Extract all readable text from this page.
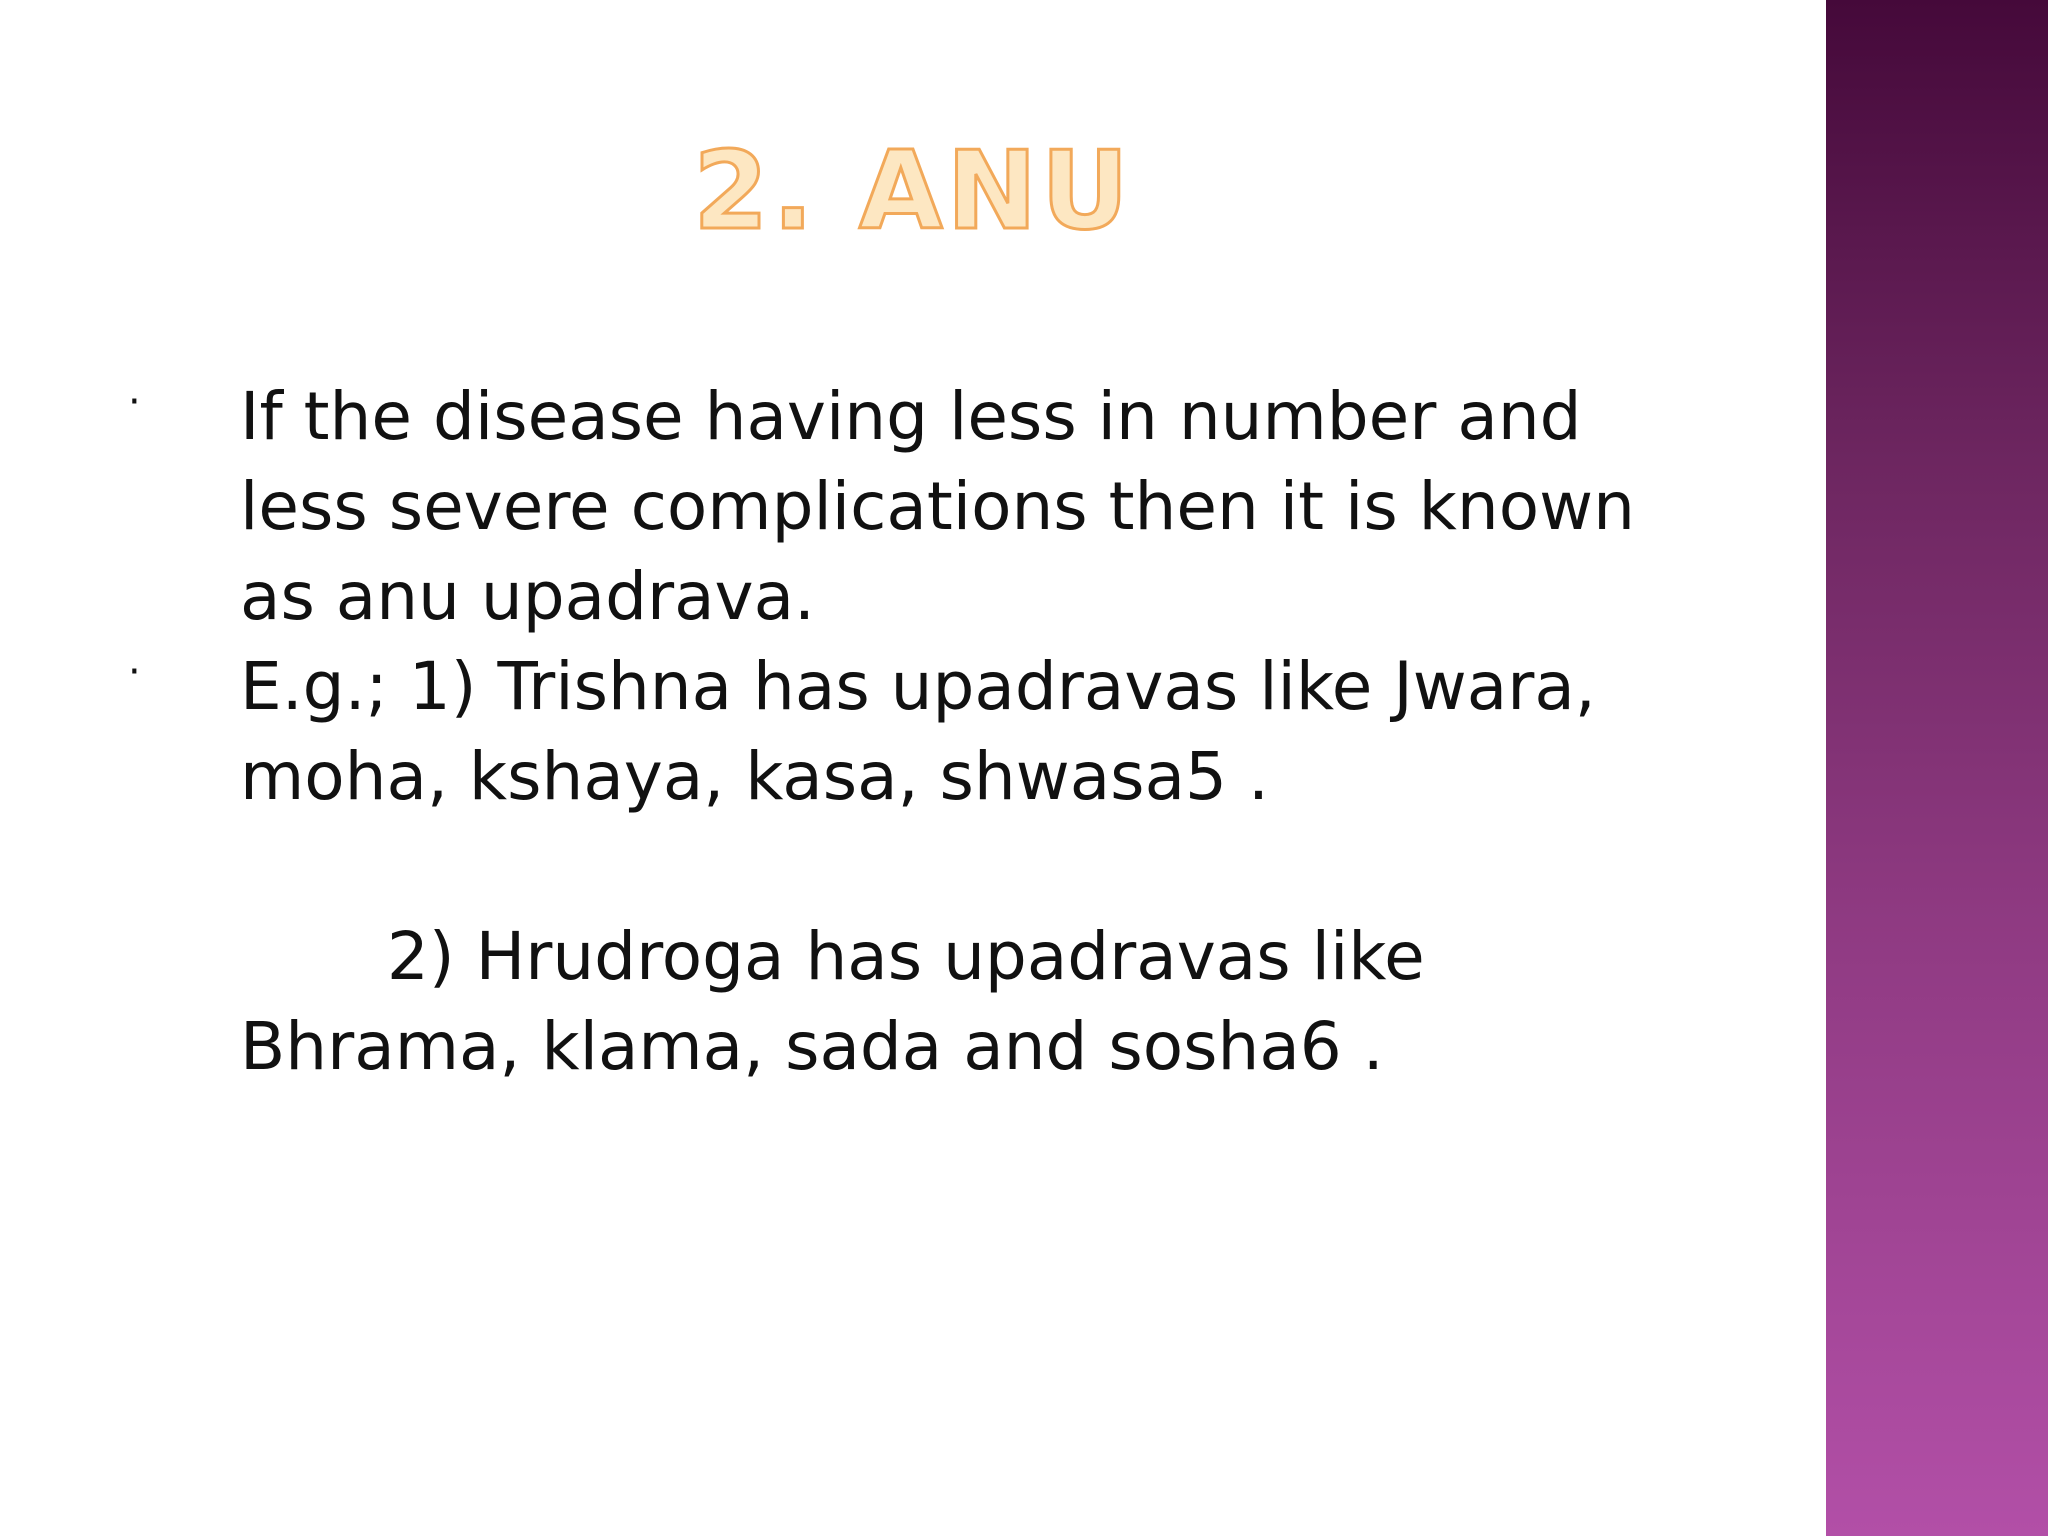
2. ANU
· If the disease having less in number and less severe complications then it is known as anu upadrava.
· E.g.; 1) Trishna has upadravas like Jwara, moha, kshaya, kasa, shwasa5 .

2) Hrudroga has upadravas like Bhrama, klama, sada and sosha6 .
